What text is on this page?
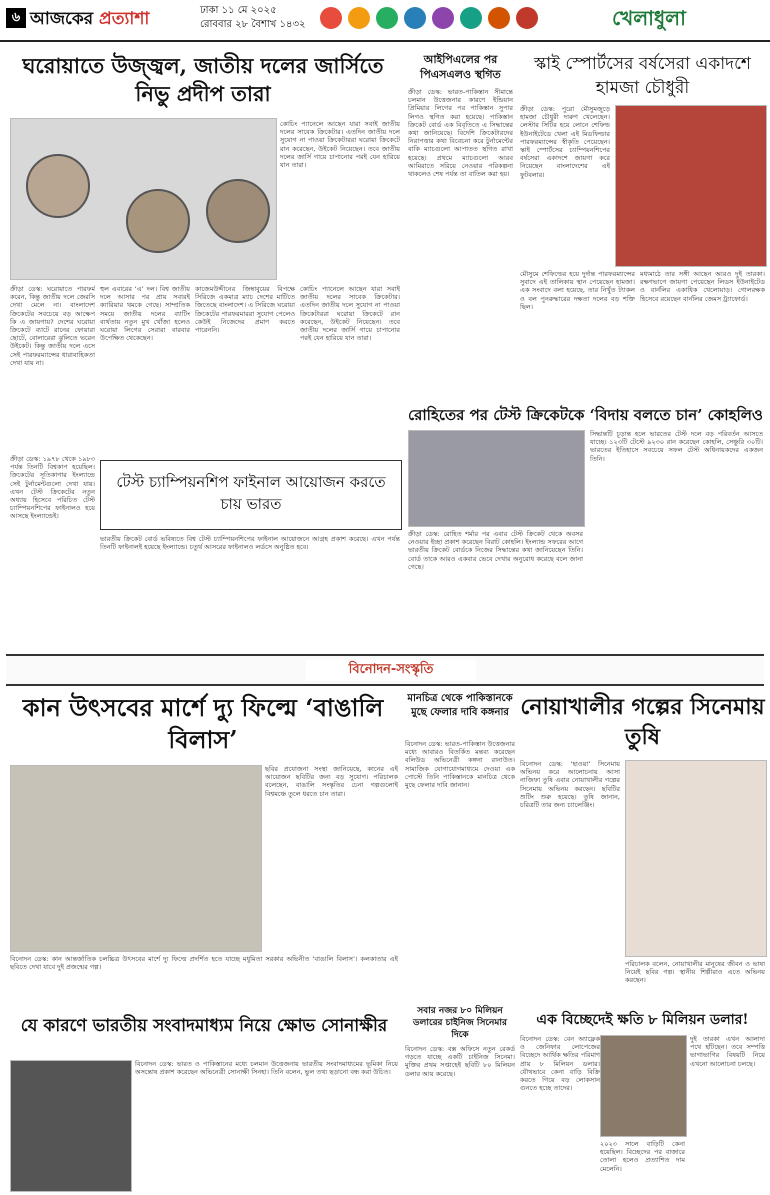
৬ আজকের প্রত্যাশা	ঢাকা ১১ মে ২০২৫
রোববার ২৮ বৈশাখ ১৪৩২	খেলাধুলা
ঘরোয়াতে উজ্জ্বল, জাতীয় দলের জার্সিতে নিভু প্রদীপ তারা
কোচিং প্যানেলে আছেন যারা সবাই জাতীয় দলের সাবেক ক্রিকেটার। এতদিন জাতীয় দলে সুযোগ না পাওয়া ক্রিকেটাররা ঘরোয়া ক্রিকেটে রান করেছেন, উইকেট নিয়েছেন। তবে জাতীয় দলের জার্সি গায়ে চাপানোর পরই যেন হারিয়ে যান তারা।
ক্রীড়া ডেস্ক: ঘরোয়াতে পারফর্ম করেন, কিন্তু জাতীয় দলে জেরসি দেখা মেলে না। বাংলাদেশ ক্রিকেটের সবচেয়ে বড় আক্ষেপ কি এ জায়গায়? দেশের ঘরোয়া ক্রিকেটে ব্যাটে রানের ফোয়ারা ছোটে, বোলারেরা ঝুলিতে ভরেন উইকেট। কিন্তু জাতীয় দলে এসে সেই পারফরম্যান্সের ধারাবাহিকতা দেখা যায় না।
হুল এবারের ‘এ’ দল। বিশ্ব জাতীয় দলে আসার পর প্রায় সবারই ক্যারিয়ার থমকে গেছে। সাম্প্রতিক সময়ে জাতীয় দলের ব্যাটিং ব্যর্থতায় নতুন মুখ খোঁজা হলেও ঘরোয়া লিগের সেরারা বারবার উপেক্ষিত থেকেছেন।
কাজেমউদ্দীনের জিম্বাবুয়ের বিপক্ষে সিরিজে একমাত্র ম্যাচ দেশের মাটিতে জিতেছে বাংলাদেশ। এ সিরিজে ঘরোয়া ক্রিকেটের পারফরমাররা সুযোগ পেলেও কেউই নিজেদের প্রমাণ করতে পারেননি।
কোচিং প্যানেলে আছেন যারা সবাই জাতীয় দলের সাবেক ক্রিকেটার। এতদিন জাতীয় দলে সুযোগ না পাওয়া ক্রিকেটাররা ঘরোয়া ক্রিকেটে রান করেছেন, উইকেট নিয়েছেন। তবে জাতীয় দলের জার্সি গায়ে চাপানোর পরই যেন হারিয়ে যান তারা।
ক্রীড়া ডেস্ক: ১৯৭৮ থেকে ১৯৮৩ পর্যন্ত তিনটি বিশ্বকাপ হয়েছিল। ক্রিকেটের সূতিকাগার ইংল্যান্ডে সেই টুর্নামেন্টগুলো দেখা যায়। এখন টেস্ট ক্রিকেটের নতুন অধ্যায় হিসেবে পরিচিত টেস্ট চ্যাম্পিয়নশিপের ফাইনালও হয়ে আসছে ইংল্যান্ডেই।
টেস্ট চ্যাম্পিয়নশিপ ফাইনাল আয়োজন করতে চায় ভারত
ভারতীয় ক্রিকেট বোর্ড ভবিষ্যতে বিশ্ব টেস্ট চ্যাম্পিয়নশিপের ফাইনাল আয়োজনে আগ্রহ প্রকাশ করেছে। এখন পর্যন্ত তিনটি ফাইনালই হয়েছে ইংল্যান্ডে। চতুর্থ আসরের ফাইনালও লর্ডসে অনুষ্ঠিত হবে।
আইপিএলের পর পিএসএলও স্থগিত
ক্রীড়া ডেস্ক: ভারত-পাকিস্তান সীমান্তে চলমান উত্তেজনার কারণে ইন্ডিয়ান প্রিমিয়ার লিগের পর পাকিস্তান সুপার লিগও স্থগিত করা হয়েছে। পাকিস্তান ক্রিকেট বোর্ড এক বিবৃতিতে এ সিদ্ধান্তের কথা জানিয়েছে। বিদেশি ক্রিকেটারদের নিরাপত্তার কথা বিবেচনা করে টুর্নামেন্টের বাকি ম্যাচগুলো আপাতত স্থগিত রাখা হয়েছে। প্রথমে ম্যাচগুলো আরব আমিরাতে সরিয়ে নেওয়ার পরিকল্পনা থাকলেও শেষ পর্যন্ত তা বাতিল করা হয়।
স্কাই স্পোর্টসের বর্ষসেরা একাদশে হামজা চৌধুরী
ক্রীড়া ডেস্ক: পুরো মৌসুমজুড়ে হামজা চৌধুরী দারুণ খেলেছেন। লেস্টার সিটির হয়ে লোনে শেফিল্ড ইউনাইটেডে খেলা এই মিডফিল্ডার পারফরম্যান্সের স্বীকৃতি পেয়েছেন। স্কাই স্পোর্টসের চ্যাম্পিয়নশিপের বর্ষসেরা একাদশে জায়গা করে নিয়েছেন বাংলাদেশের এই ফুটবলার।
মৌসুমে শেফিল্ডের হয়ে দুর্দান্ত পারফরম্যান্সের সুবাদে এই তালিকায় স্থান পেয়েছেন হামজা। এক সংবাদে বলা হয়েছে, তার নিখুঁত ট্যাকল ও বল পুনরুদ্ধারের দক্ষতা দলের বড় শক্তি ছিল।
মধ্যমাঠে তার সঙ্গী আছেন আরও দুই তারকা। রক্ষণভাগে জায়গা পেয়েছেন লিডস ইউনাইটেড ও বার্নলির একাধিক খেলোয়াড়। গোলরক্ষক হিসেবে রয়েছেন বার্নলির জেমস ট্র্যাফোর্ড।
রোহিতের পর টেস্ট ক্রিকেটকে ‘বিদায় বলতে চান’ কোহলিও
সিদ্ধান্তটি চূড়ান্ত হলে ভারতের টেস্ট দলে বড় পরিবর্তন আসতে যাচ্ছে। ১২৩টি টেস্টে ৯২৩০ রান করেছেন কোহলি, সেঞ্চুরি ৩০টি। ভারতের ইতিহাসে সবচেয়ে সফল টেস্ট অধিনায়কদের একজন তিনি।
ক্রীড়া ডেস্ক: রোহিত শর্মার পর এবার টেস্ট ক্রিকেট থেকে অবসর নেওয়ার ইচ্ছা প্রকাশ করেছেন বিরাট কোহলি। ইংল্যান্ড সফরের আগে ভারতীয় ক্রিকেট বোর্ডকে নিজের সিদ্ধান্তের কথা জানিয়েছেন তিনি। বোর্ড তাকে আরও একবার ভেবে দেখার অনুরোধ করেছে বলে জানা গেছে।
বিনোদন-সংস্কৃতি
কান উৎসবের মার্শে দ্যু ফিল্মে ‘বাঙালি বিলাস’
ছবির প্রযোজনা সংস্থা জানিয়েছে, কানের এই আয়োজন ছবিটির জন্য বড় সুযোগ। পরিচালক বলেছেন, বাঙালি সংস্কৃতির চেনা গল্পগুলোই বিশ্বমঞ্চে তুলে ধরতে চান তারা।
বিনোদন ডেস্ক: কান আন্তর্জাতিক চলচ্চিত্র উৎসবের মার্শে দ্যু ফিল্মে প্রদর্শিত হতে যাচ্ছে মধুমিতা সরকার অভিনীত ‘বাঙালি বিলাস’। কলকাতার এই ছবিতে দেখা যাবে দুই প্রজন্মের গল্প।
যে কারণে ভারতীয় সংবাদমাধ্যম নিয়ে ক্ষোভ সোনাক্ষীর
বিনোদন ডেস্ক: ভারত ও পাকিস্তানের মধ্যে চলমান উত্তেজনায় ভারতীয় সংবাদমাধ্যমের ভূমিকা নিয়ে অসন্তোষ প্রকাশ করেছেন অভিনেত্রী সোনাক্ষী সিনহা। তিনি বলেন, ভুল তথ্য ছড়ানো বন্ধ করা উচিত।
মানচিত্র থেকে পাকিস্তানকে মুছে ফেলার দাবি কঙ্গনার
বিনোদন ডেস্ক: ভারত-পাকিস্তান উত্তেজনার মধ্যে আবারও বিতর্কিত মন্তব্য করেছেন বলিউড অভিনেত্রী কঙ্গনা রানাউত। সামাজিক যোগাযোগমাধ্যমে দেওয়া এক পোস্টে তিনি পাকিস্তানকে মানচিত্র থেকে মুছে ফেলার দাবি জানান।
সবার নজর ৮০ মিলিয়ন ডলারের চাইনিজ সিনেমার দিকে
বিনোদন ডেস্ক: বক্স অফিসে নতুন রেকর্ড গড়তে যাচ্ছে একটি চাইনিজ সিনেমা। মুক্তির প্রথম সপ্তাহেই ছবিটি ৮০ মিলিয়ন ডলার আয় করেছে।
নোয়াখালীর গল্পের সিনেমায় তুষি
বিনোদন ডেস্ক: ‘হাওয়া’ সিনেমায় অভিনয় করে আলোচনায় আসা নাজিফা তুষি এবার নোয়াখালীর গল্পের সিনেমায় অভিনয় করছেন। ছবিটির শুটিং শুরু হয়েছে। তুষি জানান, চরিত্রটি তার জন্য চ্যালেঞ্জিং।
পরিচালক বলেন, নোয়াখালীর মানুষের জীবন ও ভাষা নিয়েই ছবির গল্প। স্থানীয় শিল্পীরাও এতে অভিনয় করছেন।
এক বিচ্ছেদেই ক্ষতি ৮ মিলিয়ন ডলার!
বিনোদন ডেস্ক: বেন অ্যাফ্লেক ও জেনিফার লোপেজের বিচ্ছেদে আর্থিক ক্ষতির পরিমাণ প্রায় ৮ মিলিয়ন ডলার। যৌথভাবে কেনা বাড়ি বিক্রি করতে গিয়ে বড় লোকসান গুনতে হচ্ছে তাদের।
২০২৩ সালে বাড়িটি কেনা হয়েছিল। বিচ্ছেদের পর বাজারে তোলা হলেও প্রত্যাশিত দাম মেলেনি।
দুই তারকা এখন আলাদা পথে হাঁটছেন। তবে সম্পত্তি ভাগাভাগির বিষয়টি নিয়ে এখনো আলোচনা চলছে।
